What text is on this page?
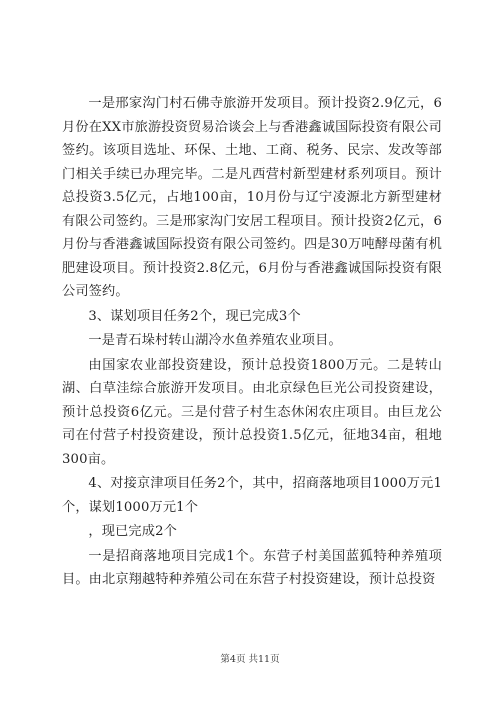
一是邢家沟门村石佛寺旅游开发项目。预计投资2.9亿元，6月份在XX市旅游投资贸易洽谈会上与香港鑫诚国际投资有限公司签约。该项目选址、环保、土地、工商、税务、民宗、发改等部门相关手续已办理完毕。二是凡西营村新型建材系列项目。预计总投资3.5亿元，占地100亩，10月份与辽宁凌源北方新型建材有限公司签约。三是邢家沟门安居工程项目。预计投资2亿元，6月份与香港鑫诚国际投资有限公司签约。四是30万吨酵母菌有机肥建设项目。预计投资2.8亿元，6月份与香港鑫诚国际投资有限公司签约。

3、谋划项目任务2个，现已完成3个

一是青石垛村转山湖冷水鱼养殖农业项目。

由国家农业部投资建设，预计总投资1800万元。二是转山湖、白草洼综合旅游开发项目。由北京绿色巨光公司投资建设，预计总投资6亿元。三是付营子村生态休闲农庄项目。由巨龙公司在付营子村投资建设，预计总投资1.5亿元，征地34亩，租地300亩。

4、对接京津项目任务2个，其中，招商落地项目1000万元1个，谋划1000万元1个

，现已完成2个

一是招商落地项目完成1个。东营子村美国蓝狐特种养殖项目。由北京翔越特种养殖公司在东营子村投资建设，预计总投资

第4页 共11页
